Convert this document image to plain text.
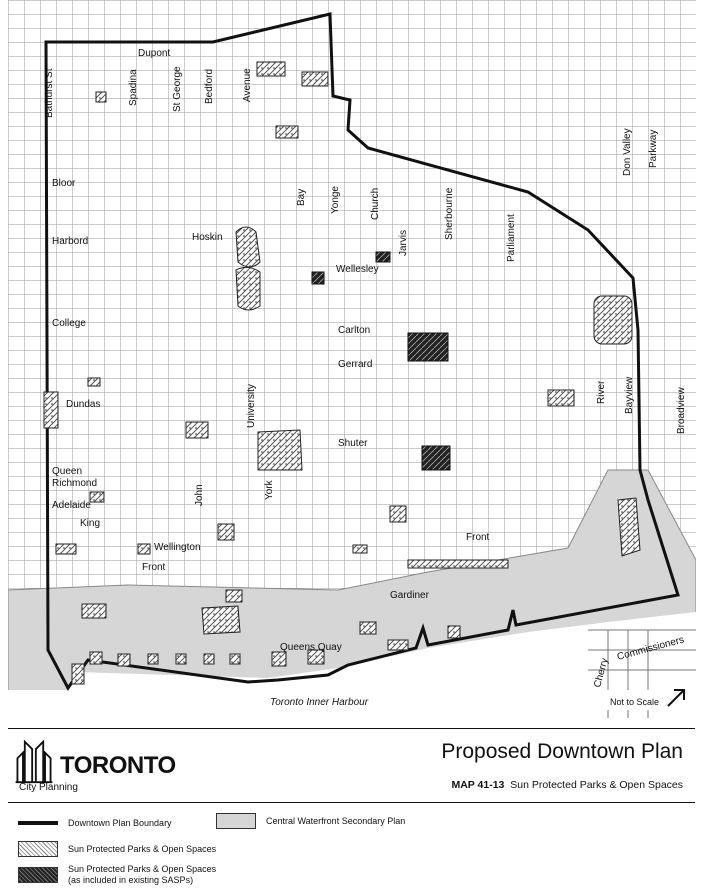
Bathurst St
Dupont
Spadina	St George Bedford	Avenue
Bay Yonge	Church
Jarvis
Sherbourne	Parliament
Don Valley Parkway
Bloor
Harbord	Hoskin
Wellesley
College
Carlton
Gerrard
Dundas	University
Shuter
Queen
Richmond
Adelaide
King
John	York
Wellington
Front
Front
Gardiner
Queens Quay
River Bayview	Broadview
Commissioners
Cherry
Toronto Inner Harbour	Not to Scale
TORONTO
City Planning
Proposed Downtown Plan
MAP 41-13 Sun Protected Parks & Open Spaces
Downtown Plan Boundary	Central Waterfront Secondary Plan
Sun Protected Parks & Open Spaces
Sun Protected Parks & Open Spaces
(as included in existing SASPs)
